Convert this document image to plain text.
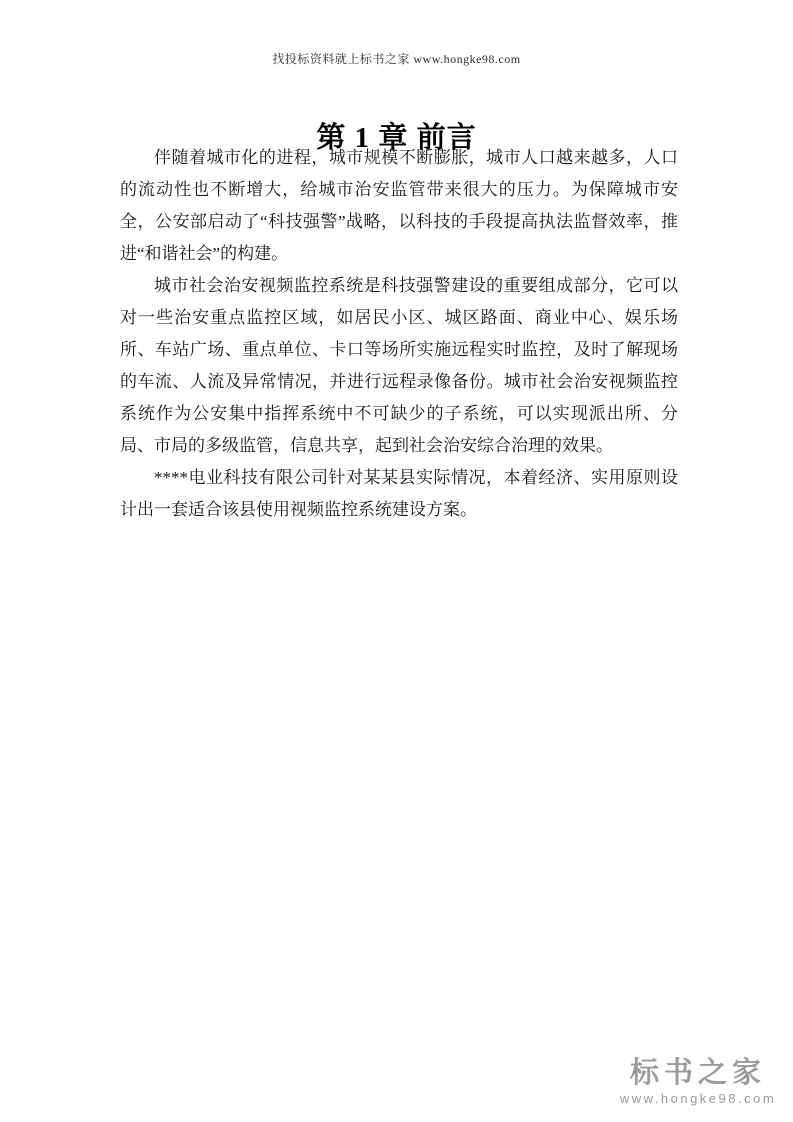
找投标资料就上标书之家 www.hongke98.com
第 1 章 前言

伴随着城市化的进程，城市规模不断膨胀，城市人口越来越多，人口的流动性也不断增大，给城市治安监管带来很大的压力。为保障城市安全，公安部启动了“科技强警”战略，以科技的手段提高执法监督效率，推进“和谐社会”的构建。

城市社会治安视频监控系统是科技强警建设的重要组成部分，它可以对一些治安重点监控区域，如居民小区、城区路面、商业中心、娱乐场所、车站广场、重点单位、卡口等场所实施远程实时监控，及时了解现场的车流、人流及异常情况，并进行远程录像备份。城市社会治安视频监控系统作为公安集中指挥系统中不可缺少的子系统，可以实现派出所、分局、市局的多级监管，信息共享，起到社会治安综合治理的效果。

****电业科技有限公司针对某某县实际情况，本着经济、实用原则设计出一套适合该县使用视频监控系统建设方案。

标书之家
www.hongke98.com
